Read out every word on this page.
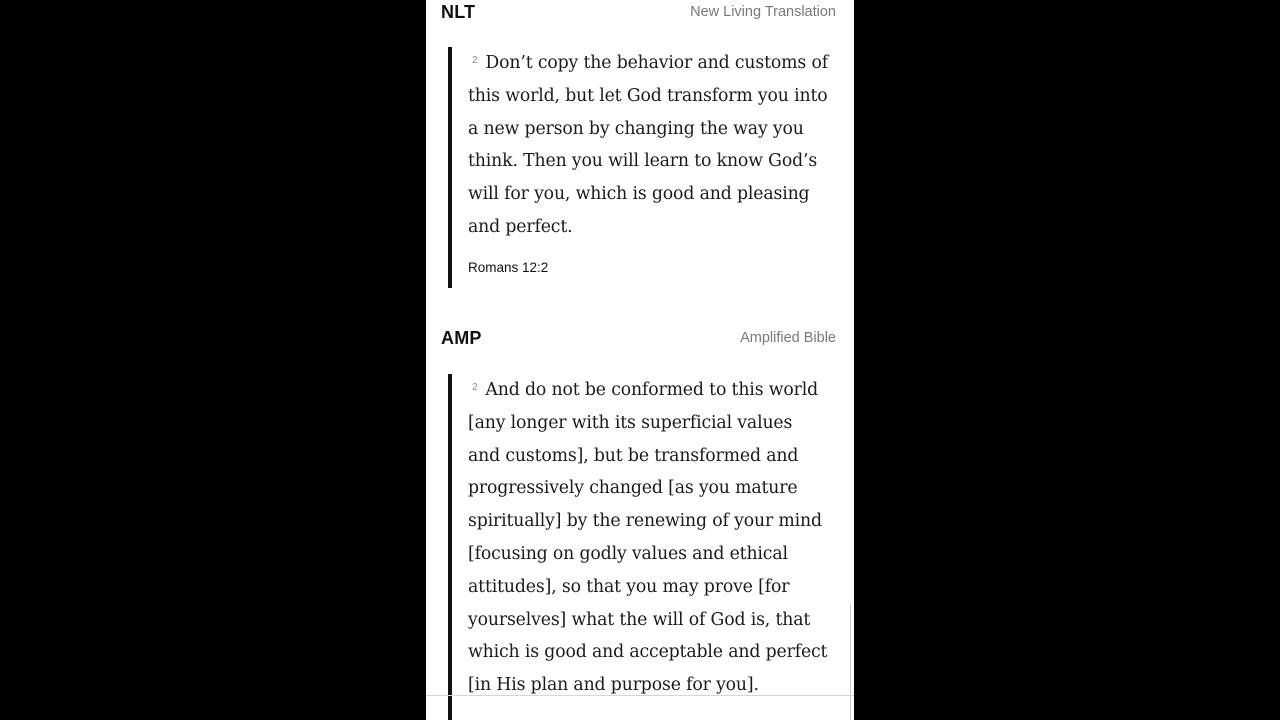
NLT	New Living Translation

$^2$ Don’t copy the behavior and customs of
this world, but let God transform you into
a new person by changing the way you
think. Then you will learn to know God’s
will for you, which is good and pleasing
and perfect.

Romans 12:2
AMP	Amplified Bible

$^2$ And do not be conformed to this world
[any longer with its superficial values
and customs], but be transformed and
progressively changed [as you mature
spiritually] by the renewing of your mind
[focusing on godly values and ethical
attitudes], so that you may prove [for
yourselves] what the will of God is, that
which is good and acceptable and perfect
[in His plan and purpose for you].
